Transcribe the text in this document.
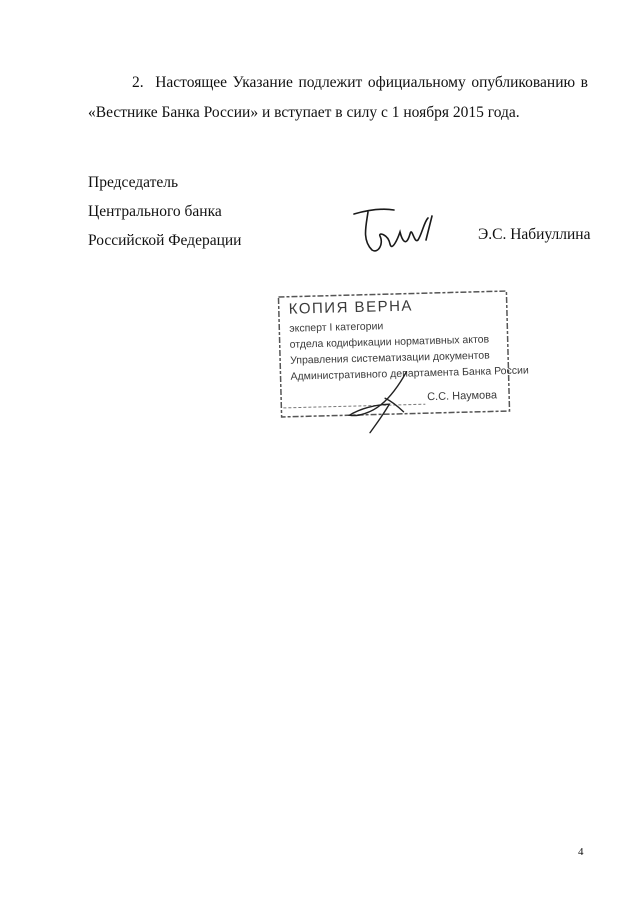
2. Настоящее Указание подлежит официальному опубликованию в «Вестнике Банка России» и вступает в силу с 1 ноября 2015 года.

Председатель
Центрального банка
Российской Федерации	Э.С. Набиуллина
КОПИЯ ВЕРНА
эксперт I категории
отдела кодификации нормативных актов
Управления систематизации документов
Административного департамента Банка России
С.С. Наумова
4
